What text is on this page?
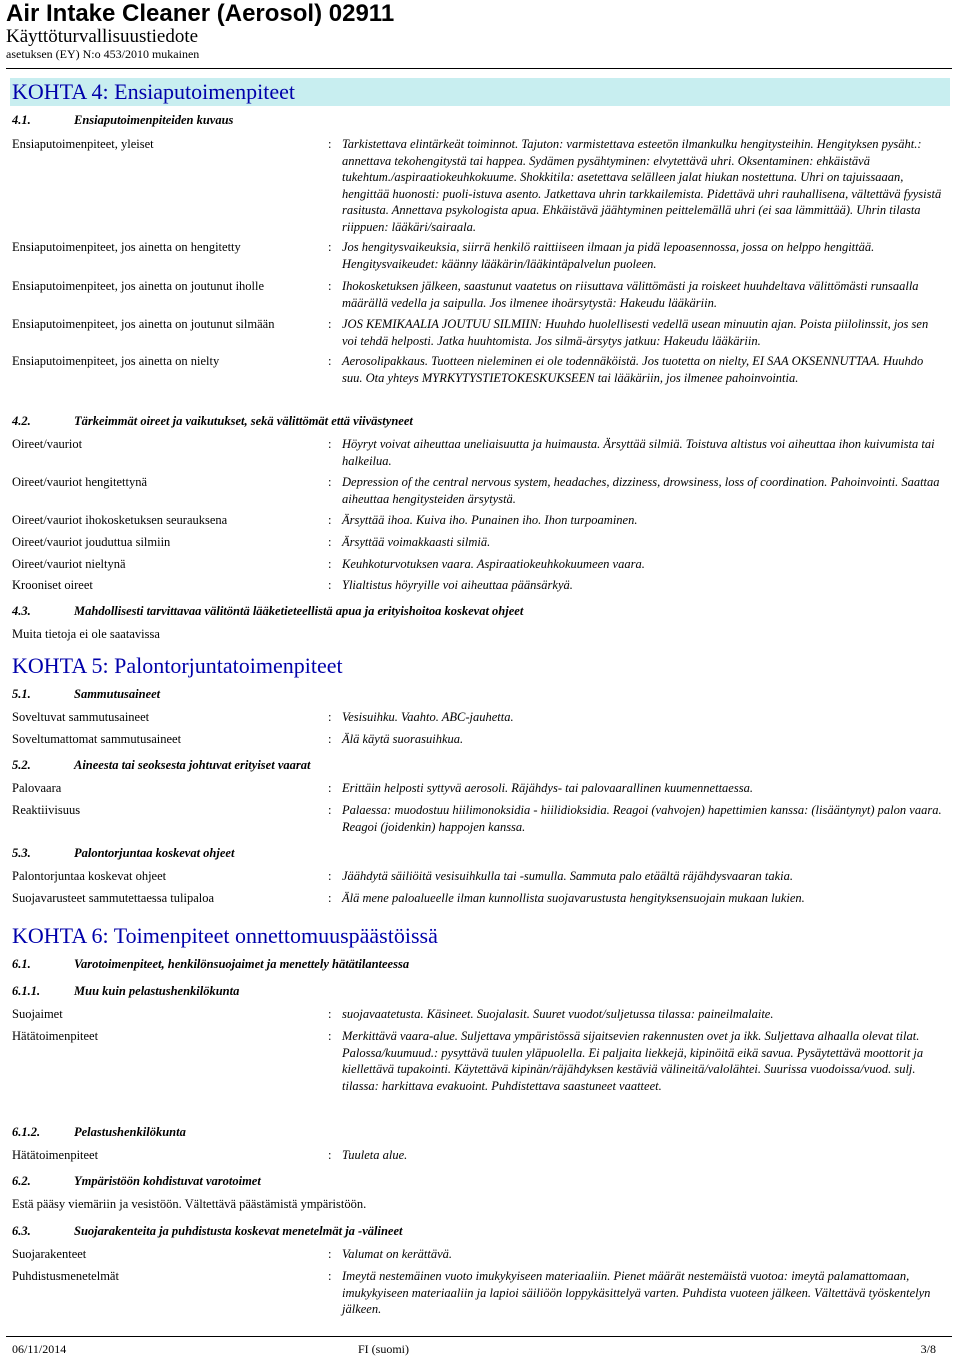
Air Intake Cleaner (Aerosol) 02911
Käyttöturvallisuustiedote
asetuksen (EY) N:o 453/2010 mukainen
KOHTA 4: Ensiaputoimenpiteet
4.1.	Ensiaputoimenpiteiden kuvaus
Ensiaputoimenpiteet, yleiset	: Tarkistettava elintärkeät toiminnot. Tajuton: varmistettava esteetön ilmankulku hengitysteihin. Hengityksen pysäht.: annettava tekohengitystä tai happea. Sydämen pysähtyminen: elvytettävä uhri. Oksentaminen: ehkäistävä tukehtum./aspiraatiokeuhkokuume. Shokkitila: asetettava selälleen jalat hiukan nostettuna. Uhri on tajuissaaan, hengittää huonosti: puoli-istuva asento. Jatkettava uhrin tarkkailemista. Pidettävä uhri rauhallisena, vältettävä fyysistä rasitusta. Annettava psykologista apua. Ehkäistävä jäähtyminen peittelemällä uhri (ei saa lämmittää). Uhrin tilasta riippuen: lääkäri/sairaala.
Ensiaputoimenpiteet, jos ainetta on hengitetty	: Jos hengitysvaikeuksia, siirrä henkilö raittiiseen ilmaan ja pidä lepoasennossa, jossa on helppo hengittää. Hengitysvaikeudet: käänny lääkärin/lääkintäpalvelun puoleen.
Ensiaputoimenpiteet, jos ainetta on joutunut iholle	: Ihokosketuksen jälkeen, saastunut vaatetus on riisuttava välittömästi ja roiskeet huuhdeltava välittömästi runsaalla määrällä vedella ja saipulla. Jos ilmenee ihoärsytystä: Hakeudu lääkäriin.
Ensiaputoimenpiteet, jos ainetta on joutunut silmään	: JOS KEMIKAALIA JOUTUU SILMIIN: Huuhdo huolellisesti vedellä usean minuutin ajan. Poista piilolinssit, jos sen voi tehdä helposti. Jatka huuhtomista. Jos silmä-ärsytys jatkuu: Hakeudu lääkäriin.
Ensiaputoimenpiteet, jos ainetta on nielty	: Aerosolipakkaus. Tuotteen nieleminen ei ole todennäköistä. Jos tuotetta on nielty, EI SAA OKSENNUTTAA. Huuhdo suu. Ota yhteys MYRKYTYSTIETOKESKUKSEEN tai lääkäriin, jos ilmenee pahoinvointia.
4.2.	Tärkeimmät oireet ja vaikutukset, sekä välittömät että viivästyneet
Oireet/vauriot	: Höyryt voivat aiheuttaa uneliaisuutta ja huimausta. Ärsyttää silmiä. Toistuva altistus voi aiheuttaa ihon kuivumista tai halkeilua.
Oireet/vauriot hengitettynä	: Depression of the central nervous system, headaches, dizziness, drowsiness, loss of coordination. Pahoinvointi. Saattaa aiheuttaa hengitysteiden ärsytystä.
Oireet/vauriot ihokosketuksen seurauksena	: Ärsyttää ihoa. Kuiva iho. Punainen iho. Ihon turpoaminen.
Oireet/vauriot jouduttua silmiin	: Ärsyttää voimakkaasti silmiä.
Oireet/vauriot nieltynä	: Keuhkoturvotuksen vaara. Aspiraatiokeuhkokuumeen vaara.
Krooniset oireet	: Ylialtistus höyryille voi aiheuttaa päänsärkyä.
4.3.	Mahdollisesti tarvittavaa välitöntä lääketieteellistä apua ja erityishoitoa koskevat ohjeet
Muita tietoja ei ole saatavissa
KOHTA 5: Palontorjuntatoimenpiteet
5.1.	Sammutusaineet
Soveltuvat sammutusaineet	: Vesisuihku. Vaahto. ABC-jauhetta.
Soveltumattomat sammutusaineet	: Älä käytä suorasuihkua.
5.2.	Aineesta tai seoksesta johtuvat erityiset vaarat
Palovaara	: Erittäin helposti syttyvä aerosoli. Räjähdys- tai palovaarallinen kuumennettaessa.
Reaktiivisuus	: Palaessa: muodostuu hiilimonoksidia - hiilidioksidia. Reagoi (vahvojen) hapettimien kanssa: (lisääntynyt) palon vaara. Reagoi (joidenkin) happojen kanssa.
5.3.	Palontorjuntaa koskevat ohjeet
Palontorjuntaa koskevat ohjeet	: Jäähdytä säiliöitä vesisuihkulla tai -sumulla. Sammuta palo etäältä räjähdysvaaran takia.
Suojavarusteet sammutettaessa tulipaloa	: Älä mene paloalueelle ilman kunnollista suojavarustusta hengityksensuojain mukaan lukien.
KOHTA 6: Toimenpiteet onnettomuuspäästöissä
6.1.	Varotoimenpiteet, henkilönsuojaimet ja menettely hätätilanteessa
6.1.1.	Muu kuin pelastushenkilökunta
Suojaimet	: suojavaatetusta. Käsineet. Suojalasit. Suuret vuodot/suljetussa tilassa: paineilmalaite.
Hätätoimenpiteet	: Merkittävä vaara-alue. Suljettava ympäristössä sijaitsevien rakennusten ovet ja ikk. Suljettava alhaalla olevat tilat. Palossa/kuumuud.: pysyttävä tuulen yläpuolella. Ei paljaita liekkejä, kipinöitä eikä savua. Pysäytettävä moottorit ja kiellettävä tupakointi. Käytettävä kipinän/räjähdyksen kestäviä välineitä/valolähtei. Suurissa vuodoissa/vuod. sulj. tilassa: harkittava evakuoint. Puhdistettava saastuneet vaatteet.
6.1.2.	Pelastushenkilökunta
Hätätoimenpiteet	: Tuuleta alue.
6.2.	Ympäristöön kohdistuvat varotoimet
Estä pääsy viemäriin ja vesistöön. Vältettävä päästämistä ympäristöön.
6.3.	Suojarakenteita ja puhdistusta koskevat menetelmät ja -välineet
Suojarakenteet	: Valumat on kerättävä.
Puhdistusmenetelmät	: Imeytä nestemäinen vuoto imukykyiseen materiaaliin. Pienet määrät nestemäistä vuotoa: imeytä palamattomaan, imukykyiseen materiaaliin ja lapioi säiliöön loppykäsittelyä varten. Puhdista vuoteen jälkeen. Vältettävä työskentelyn jälkeen.
06/11/2014	FI (suomi)	3/8
